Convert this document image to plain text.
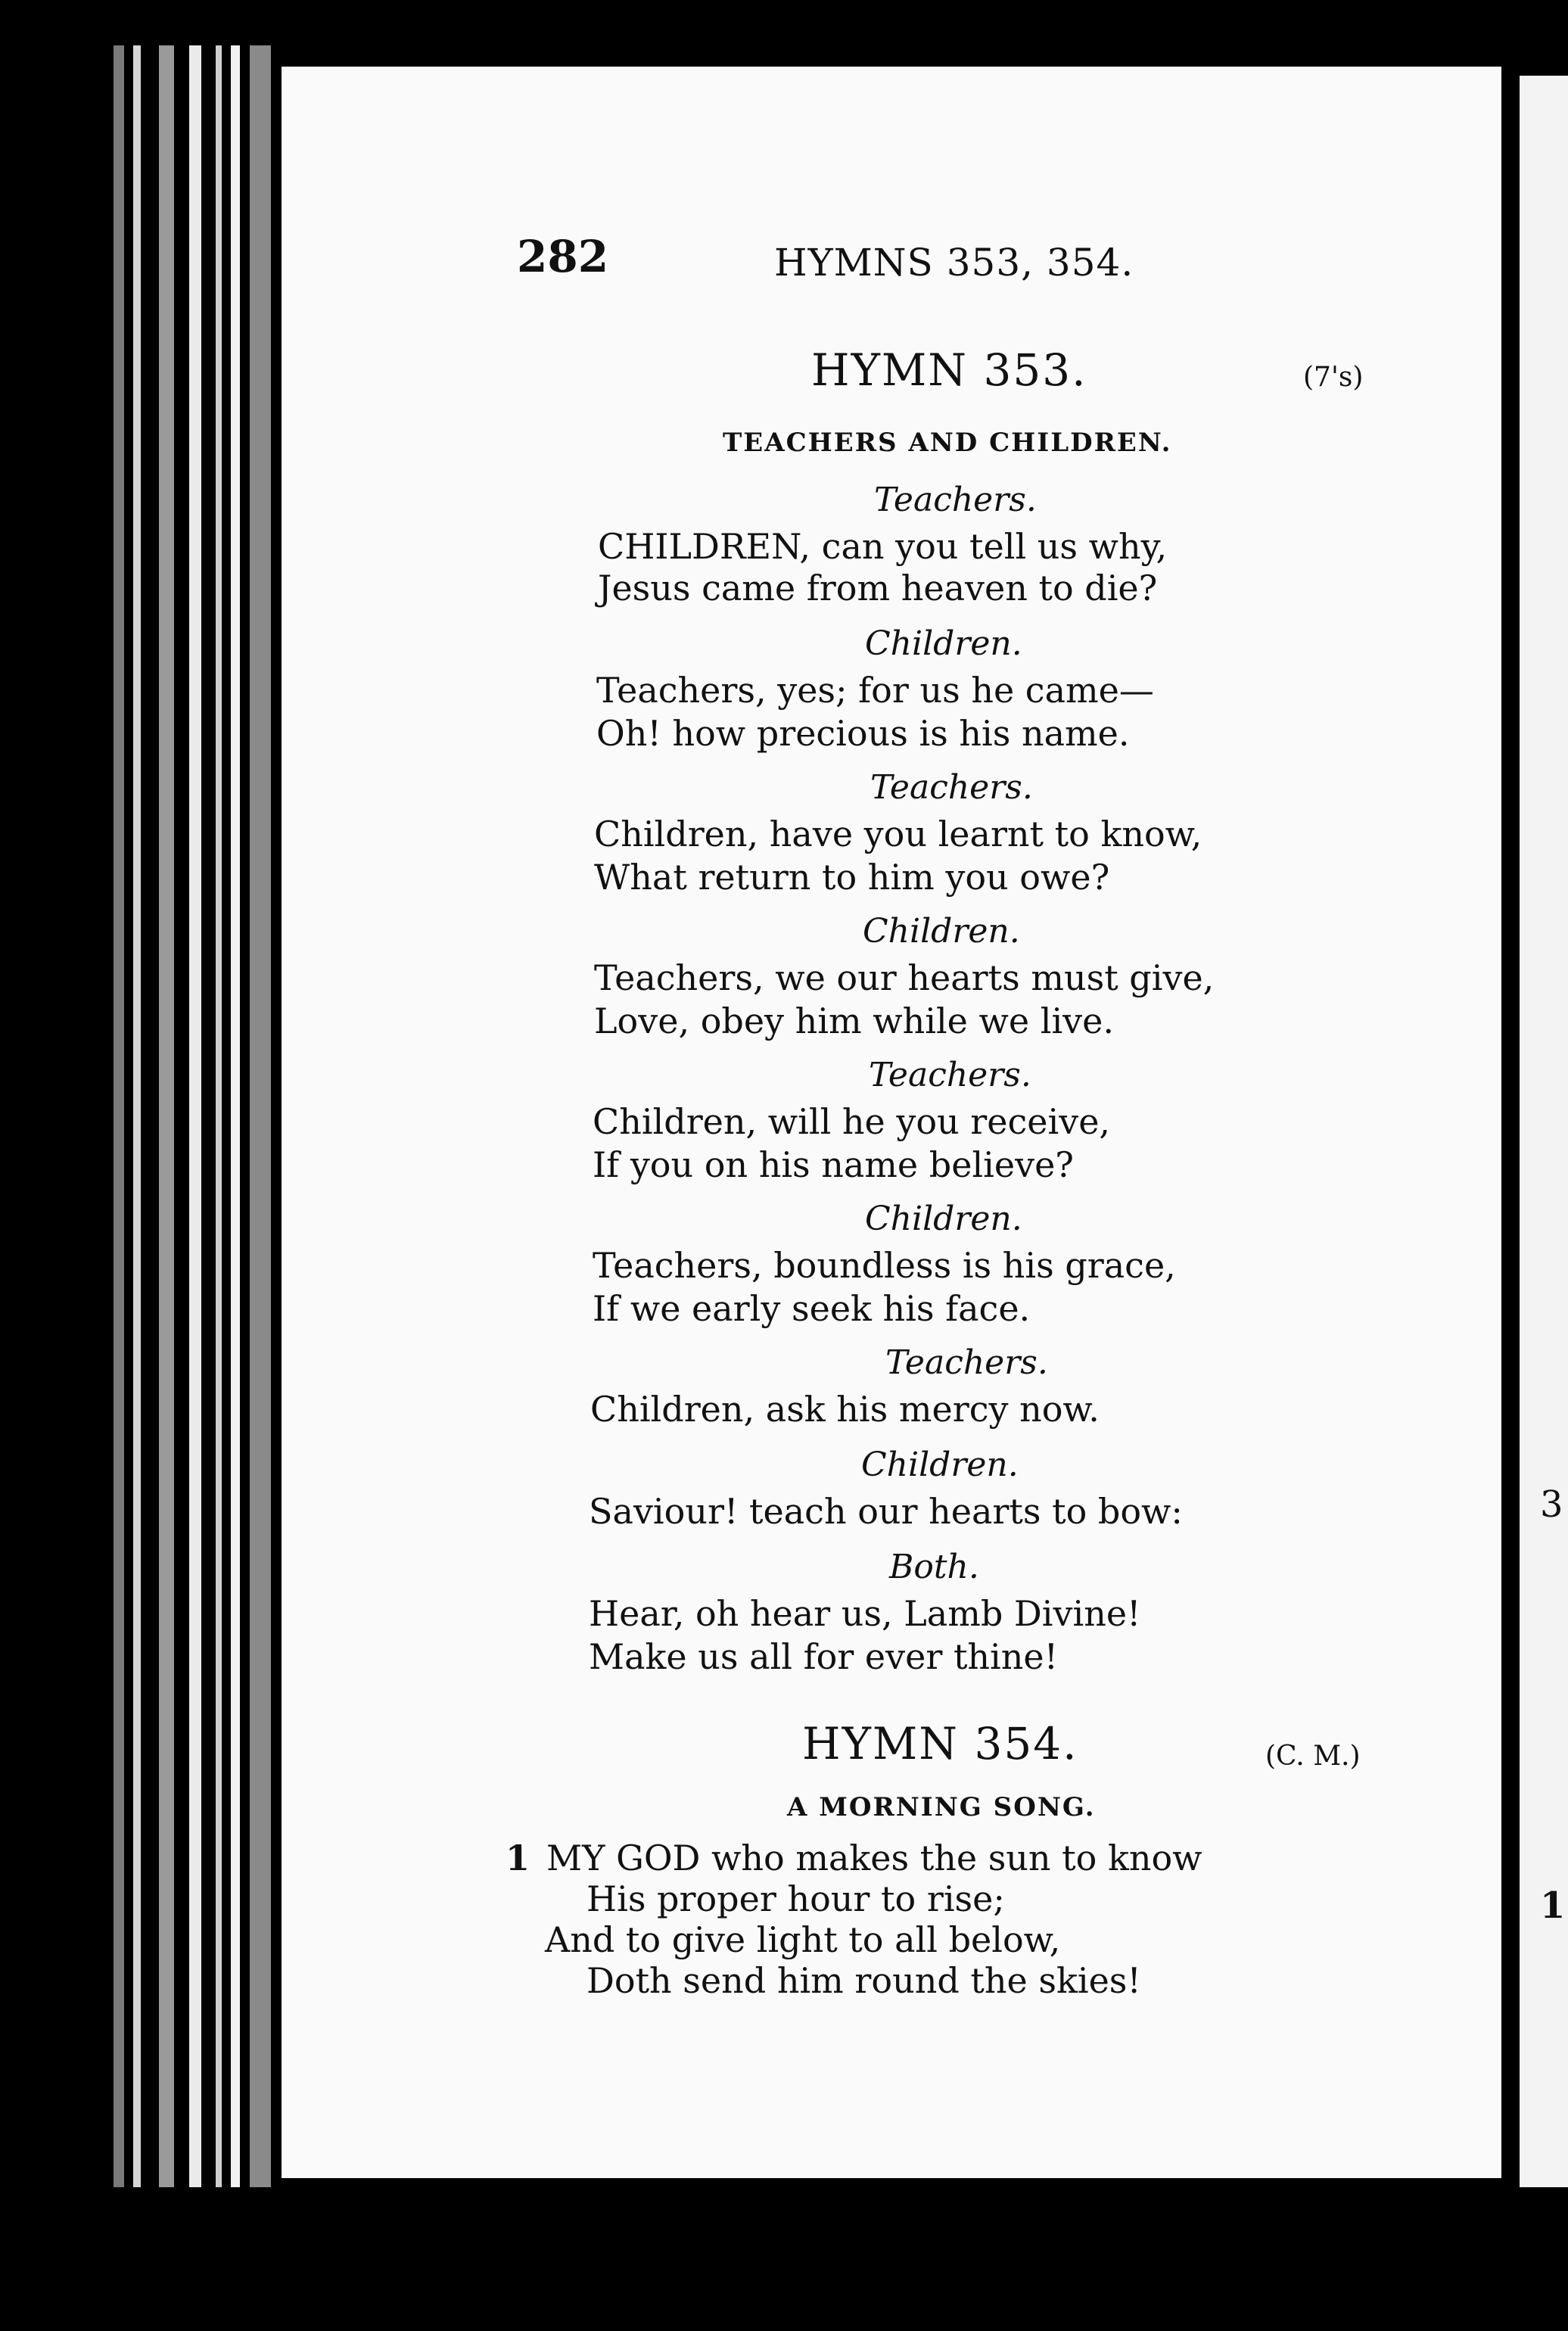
3
1
282	HYMNS 353, 354.
HYMN 353.	(7's)
TEACHERS AND CHILDREN.
Teachers.
CHILDREN, can you tell us why,
Jesus came from heaven to die?
Children.
Teachers, yes; for us he came—
Oh! how precious is his name.
Teachers.
Children, have you learnt to know,
What return to him you owe?
Children.
Teachers, we our hearts must give,
Love, obey him while we live.
Teachers.
Children, will he you receive,
If you on his name believe?
Children.
Teachers, boundless is his grace,
If we early seek his face.
Teachers.
Children, ask his mercy now.
Children.
Saviour! teach our hearts to bow:
Both.
Hear, oh hear us, Lamb Divine!
Make us all for ever thine!
HYMN 354.	(C. M.)
A MORNING SONG.
1 MY GOD who makes the sun to know
His proper hour to rise;
And to give light to all below,
Doth send him round the skies!
